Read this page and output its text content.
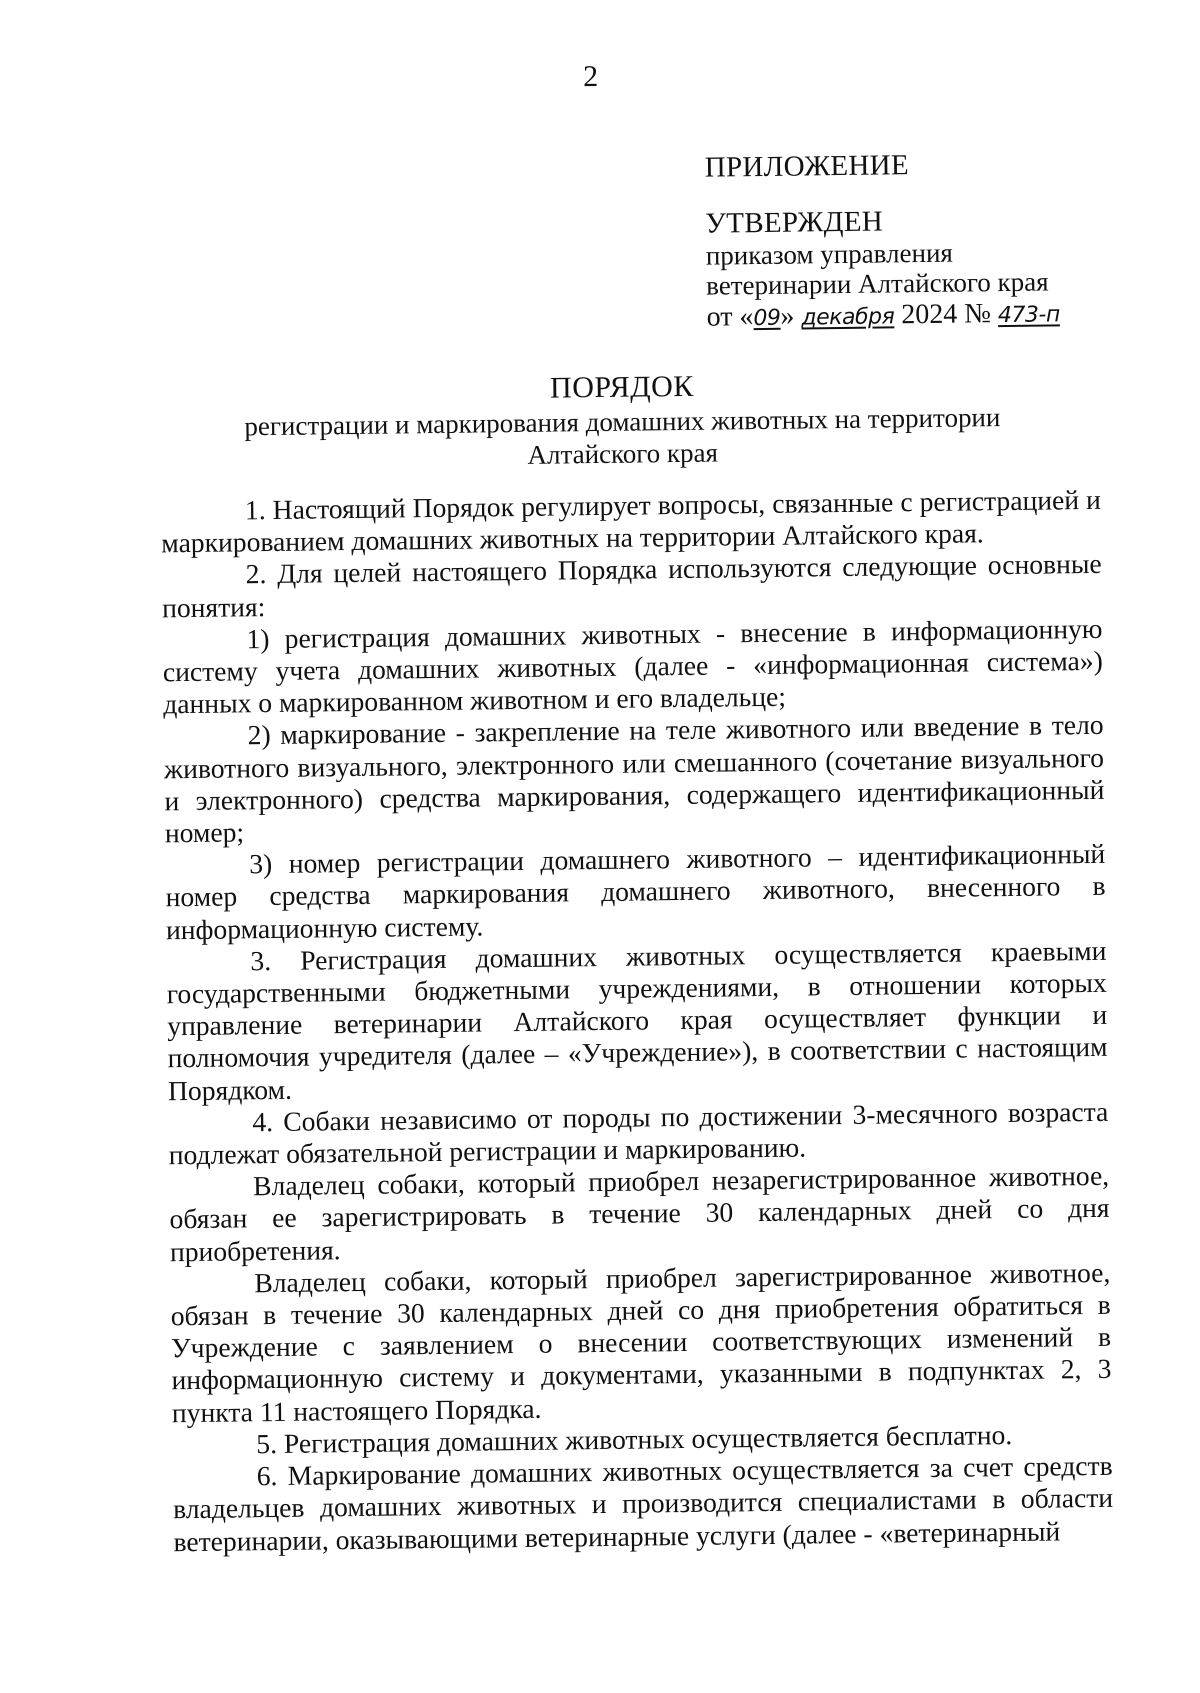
2
ПРИЛОЖЕНИЕ
УТВЕРЖДЕН
приказом управления
ветеринарии Алтайского края
от «09» декабря 2024 № 473-п
ПОРЯДОК
регистрации и маркирования домашних животных на территории
Алтайского края

1. Настоящий Порядок регулирует вопросы, связанные с регистрацией и маркированием домашних животных на территории Алтайского края.

2. Для целей настоящего Порядка используются следующие основные понятия:

1) регистрация домашних животных - внесение в информационную систему учета домашних животных (далее - «информационная система») данных о маркированном животном и его владельце;

2) маркирование - закрепление на теле животного или введение в тело животного визуального, электронного или смешанного (сочетание визуального и электронного) средства маркирования, содержащего идентификационный номер;

3) номер регистрации домашнего животного – идентификационный номер средства маркирования домашнего животного, внесенного в информационную систему.

3. Регистрация домашних животных осуществляется краевыми государственными бюджетными учреждениями, в отношении которых управление ветеринарии Алтайского края осуществляет функции и полномочия учредителя (далее – «Учреждение»), в соответствии с настоящим Порядком.

4. Собаки независимо от породы по достижении 3-месячного возраста подлежат обязательной регистрации и маркированию.

Владелец собаки, который приобрел незарегистрированное животное, обязан ее зарегистрировать в течение 30 календарных дней со дня приобретения.

Владелец собаки, который приобрел зарегистрированное животное, обязан в течение 30 календарных дней со дня приобретения обратиться в Учреждение с заявлением о внесении соответствующих изменений в информационную систему и документами, указанными в подпунктах 2, 3 пункта 11 настоящего Порядка.

5. Регистрация домашних животных осуществляется бесплатно.

6. Маркирование домашних животных осуществляется за счет средств владельцев домашних животных и производится специалистами в области ветеринарии, оказывающими ветеринарные услуги (далее - «ветеринарный
